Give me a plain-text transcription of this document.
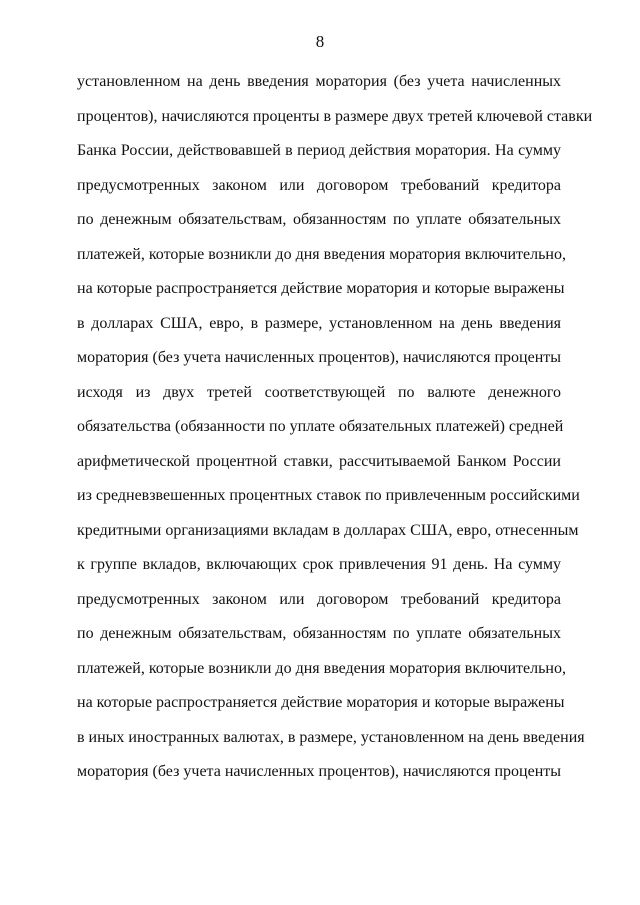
8
установленном на день введения моратория (без учета начисленных
процентов), начисляются проценты в размере двух третей ключевой ставки
Банка России, действовавшей в период действия моратория. На сумму
предусмотренных законом или договором требований кредитора
по денежным обязательствам, обязанностям по уплате обязательных
платежей, которые возникли до дня введения моратория включительно,
на которые распространяется действие моратория и которые выражены
в долларах США, евро, в размере, установленном на день введения
моратория (без учета начисленных процентов), начисляются проценты
исходя из двух третей соответствующей по валюте денежного
обязательства (обязанности по уплате обязательных платежей) средней
арифметической процентной ставки, рассчитываемой Банком России
из средневзвешенных процентных ставок по привлеченным российскими
кредитными организациями вкладам в долларах США, евро, отнесенным
к группе вкладов, включающих срок привлечения 91 день. На сумму
предусмотренных законом или договором требований кредитора
по денежным обязательствам, обязанностям по уплате обязательных
платежей, которые возникли до дня введения моратория включительно,
на которые распространяется действие моратория и которые выражены
в иных иностранных валютах, в размере, установленном на день введения
моратория (без учета начисленных процентов), начисляются проценты
